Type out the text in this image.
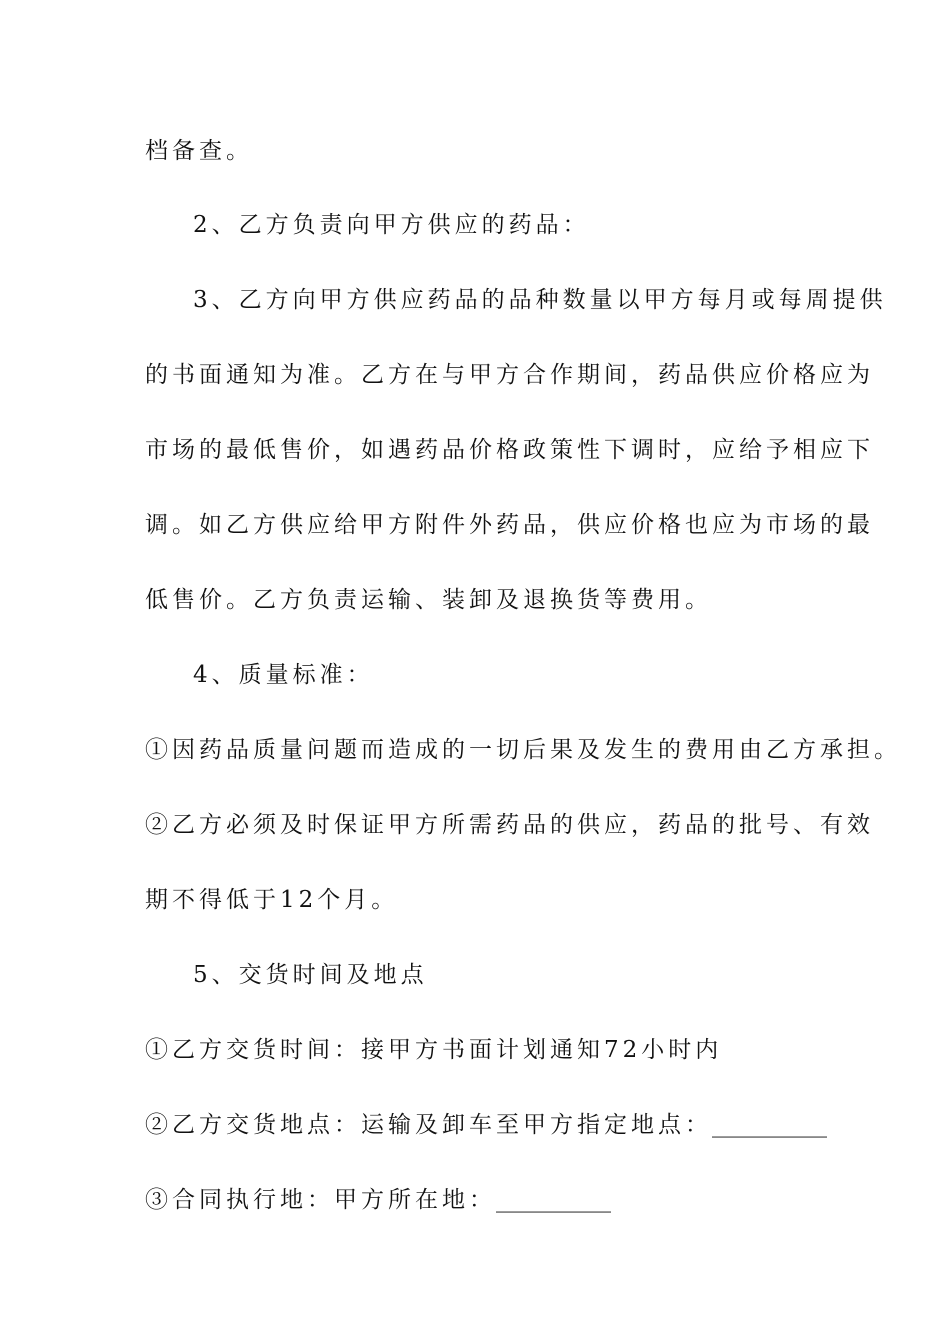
档备查。
2、乙方负责向甲方供应的药品：
3、乙方向甲方供应药品的品种数量以甲方每月或每周提供
的书面通知为准。乙方在与甲方合作期间，药品供应价格应为
市场的最低售价，如遇药品价格政策性下调时，应给予相应下
调。如乙方供应给甲方附件外药品，供应价格也应为市场的最
低售价。乙方负责运输、装卸及退换货等费用。
4、质量标准：
①因药品质量问题而造成的一切后果及发生的费用由乙方承担。
②乙方必须及时保证甲方所需药品的供应，药品的批号、有效
期不得低于12个月。
5、交货时间及地点
①乙方交货时间：接甲方书面计划通知72小时内
②乙方交货地点：运输及卸车至甲方指定地点：__________
③合同执行地：甲方所在地：__________
